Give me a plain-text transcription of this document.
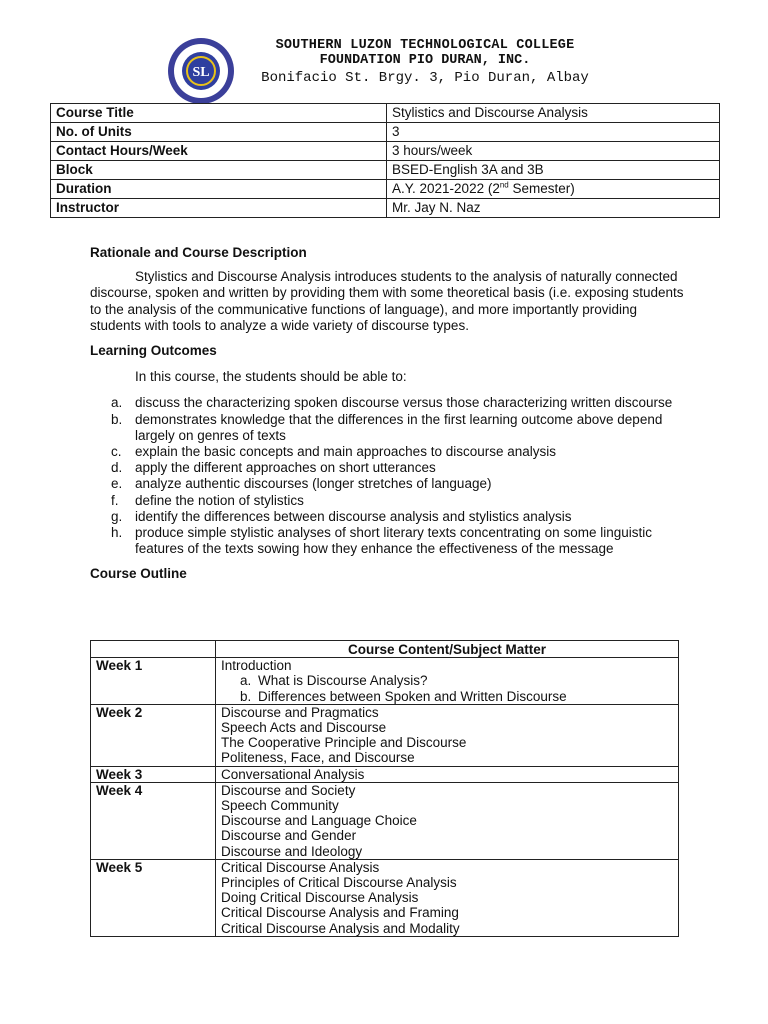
SL
SOUTHERN LUZON TECHNOLOGICAL COLLEGE
FOUNDATION PIO DURAN, INC.
Bonifacio St. Brgy. 3, Pio Duran, Albay
Course Title	Stylistics and Discourse Analysis
No. of Units	3
Contact Hours/Week	3 hours/week
Block	BSED-English 3A and 3B
Duration	A.Y. 2021-2022 (2nd Semester)
Instructor	Mr. Jay N. Naz

Rationale and Course Description

Stylistics and Discourse Analysis introduces students to the analysis of naturally connected discourse, spoken and written by providing them with some theoretical basis (i.e. exposing students to the analysis of the communicative functions of language), and more importantly providing students with tools to analyze a wide variety of discourse types.

Learning Outcomes

In this course, the students should be able to:

a. discuss the characterizing spoken discourse versus those characterizing written discourse
b. demonstrates knowledge that the differences in the first learning outcome above depend largely on genres of texts
c. explain the basic concepts and main approaches to discourse analysis
d. apply the different approaches on short utterances
e. analyze authentic discourses (longer stretches of language)
f. define the notion of stylistics
g. identify the differences between discourse analysis and stylistics analysis
h. produce simple stylistic analyses of short literary texts concentrating on some linguistic features of the texts sowing how they enhance the effectiveness of the message

Course Outline

	Course Content/Subject Matter
Week 1	Introduction
a. What is Discourse Analysis?
b. Differences between Spoken and Written Discourse

Week 2	Discourse and Pragmatics
Speech Acts and Discourse
The Cooperative Principle and Discourse
Politeness, Face, and Discourse

Week 3	Conversational Analysis

Week 4	Discourse and Society
Speech Community
Discourse and Language Choice
Discourse and Gender
Discourse and Ideology

Week 5	Critical Discourse Analysis
Principles of Critical Discourse Analysis
Doing Critical Discourse Analysis
Critical Discourse Analysis and Framing
Critical Discourse Analysis and Modality
